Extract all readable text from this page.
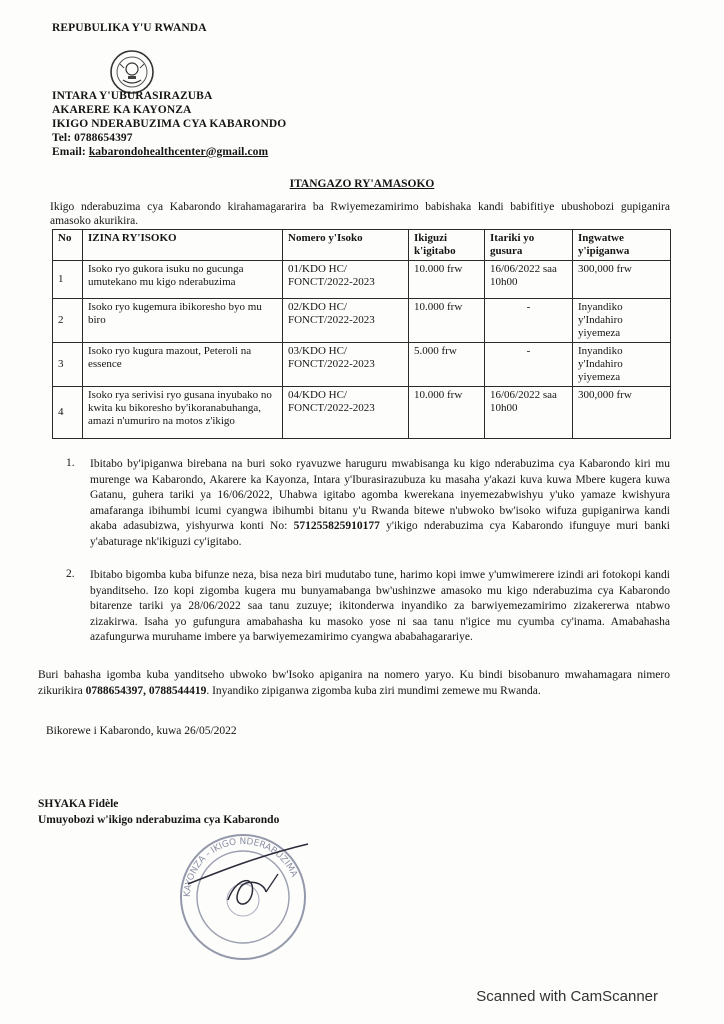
REPUBULIKA Y'U RWANDA
INTARA Y'UBURASIRAZUBA
AKARERE KA KAYONZA
IKIGO NDERABUZIMA CYA KABARONDO
Tel: 0788654397
Email: kabarondohealthcenter@gmail.com
ITANGAZO RY'AMASOKO
Ikigo nderabuzima cya Kabarondo kirahamagararira ba Rwiyemezamirimo babishaka kandi babifitiye ubushobozi gupiganira amasoko akurikira.
No	IZINA RY'ISOKO	Nomero y'Isoko	Ikiguzi k'igitabo	Itariki yo gusura	Ingwatwe y'ipiganwa
1	Isoko ryo gukora isuku no gucunga umutekano mu kigo nderabuzima	01/KDO HC/ FONCT/2022-2023	10.000 frw	16/06/2022 saa 10h00	300,000 frw
2	Isoko ryo kugemura ibikoresho byo mu biro	02/KDO HC/ FONCT/2022-2023	10.000 frw	-	Inyandiko y'Indahiro yiyemeza
3	Isoko ryo kugura mazout, Peteroli na essence	03/KDO HC/ FONCT/2022-2023	5.000 frw	-	Inyandiko y'Indahiro yiyemeza
4	Isoko rya serivisi ryo gusana inyubako no kwita ku bikoresho by'ikoranabuhanga, amazi n'umuriro na motos z'ikigo	04/KDO HC/ FONCT/2022-2023	10.000 frw	16/06/2022 saa 10h00	300,000 frw
1. Ibitabo by'ipiganwa birebana na buri soko ryavuzwe haruguru mwabisanga ku kigo nderabuzima cya Kabarondo kiri mu murenge wa Kabarondo, Akarere ka Kayonza, Intara y'Iburasirazubuza ku masaha y'akazi kuva kuwa Mbere kugera kuwa Gatanu, guhera tariki ya 16/06/2022, Uhabwa igitabo agomba kwerekana inyemezabwishyu y'uko yamaze kwishyura amafaranga ibihumbi icumi cyangwa ibihumbi bitanu y'u Rwanda bitewe n'ubwoko bw'isoko wifuza gupiganirwa kandi akaba adasubizwa, yishyurwa konti No: 571255825910177 y'ikigo nderabuzima cya Kabarondo ifunguye muri banki y'abaturage nk'ikiguzi cy'igitabo.
2. Ibitabo bigomba kuba bifunze neza, bisa neza biri mudutabo tune, harimo kopi imwe y'umwimerere izindi ari fotokopi kandi byanditseho. Izo kopi zigomba kugera mu bunyamabanga bw'ushinzwe amasoko mu kigo nderabuzima cya Kabarondo bitarenze tariki ya 28/06/2022 saa tanu zuzuye; ikitonderwa inyandiko za barwiyemezamirimo zizakererwa ntabwo zizakirwa. Isaha yo gufungura amabahasha ku masoko yose ni saa tanu n'igice mu cyumba cy'inama. Amabahasha azafungurwa muruhame imbere ya barwiyemezamirimo cyangwa ababahagarariye.
Buri bahasha igomba kuba yanditseho ubwoko bw'Isoko apiganira na nomero yaryo. Ku bindi bisobanuro mwahamagara nimero zikurikira 0788654397, 0788544419. Inyandiko zipiganwa zigomba kuba ziri mundimi zemewe mu Rwanda.
Bikorewe i Kabarondo, kuwa 26/05/2022
SHYAKA Fidèle
Umuyobozi w'ikigo nderabuzima cya Kabarondo
KAYONZA - IKIGO NDERABUZIMA
Scanned with CamScanner
